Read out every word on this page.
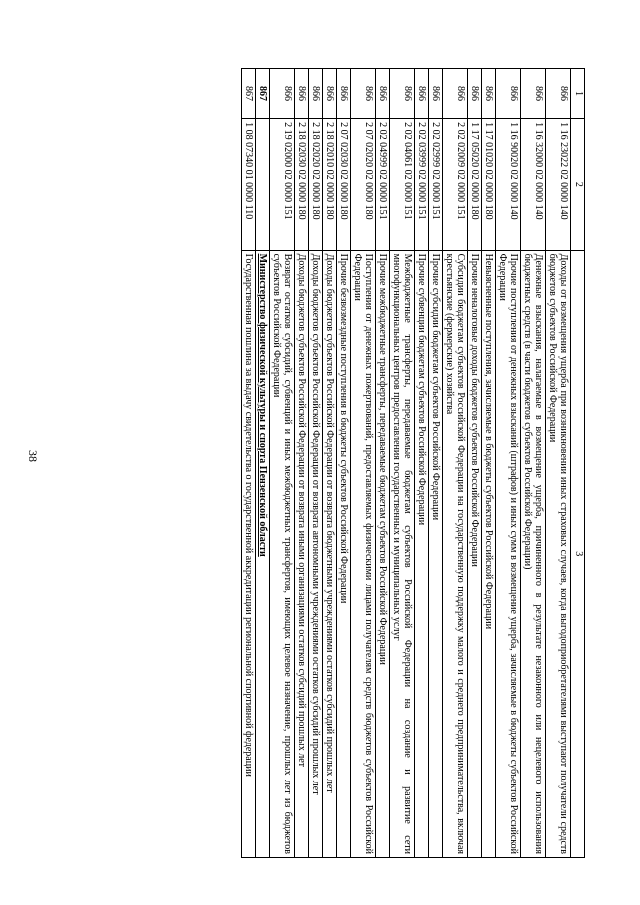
38
1	2	3
866	1 16 23022 02 0000 140	Доходы от возмещения ущерба при возникновении иных страховых случаев, когда выгодоприобретателями выступают получатели средств бюджетов субъектов Российской Федерации
866	1 16 32000 02 0000 140	Денежные взыскания, налагаемые в возмещение ущерба, причиненного в результате незаконного или нецелевого использования бюджетных средств (в части бюджетов субъектов Российской Федерации)
866	1 16 90020 02 0000 140	Прочие поступления от денежных взысканий (штрафов) и иных сумм в возмещение ущерба, зачисляемые в бюджеты субъектов Российской Федерации
866	1 17 01020 02 0000 180	Невыясненные поступления, зачисляемые в бюджеты субъектов Российской Федерации
866	1 17 05020 02 0000 180	Прочие неналоговые доходы бюджетов субъектов Российской Федерации
866	2 02 02009 02 0000 151	Субсидии бюджетам субъектов Российской Федерации на государственную поддержку малого и среднего предпринимательства, включая крестьянские (фермерские) хозяйства
866	2 02 02999 02 0000 151	Прочие субсидии бюджетам субъектов Российской Федерации
866	2 02 03999 02 0000 151	Прочие субвенции бюджетам субъектов Российской Федерации
866	2 02 04061 02 0000 151	Межбюджетные трансферты, передаваемые бюджетам субъектов Российской Федерации на создание и развитие сети многофункциональных центров предоставления государственных и муниципальных услуг
866	2 02 04999 02 0000 151	Прочие межбюджетные трансферты, передаваемые бюджетам субъектов Российской Федерации
866	2 07 02020 02 0000 180	Поступления от денежных пожертвований, предоставляемых физическими лицами получателям средств бюджетов субъектов Российской Федерации
866	2 07 02030 02 0000 180	Прочие безвозмездные поступления в бюджеты субъектов Российской Федерации
866	2 18 02010 02 0000 180	Доходы бюджетов субъектов Российской Федерации от возврата бюджетными учреждениями остатков субсидий прошлых лет
866	2 18 02020 02 0000 180	Доходы бюджетов субъектов Российской Федерации от возврата автономными учреждениями остатков субсидий прошлых лет
866	2 18 02030 02 0000 180	Доходы бюджетов субъектов Российской Федерации от возврата иными организациями остатков субсидий прошлых лет
866	2 19 02000 02 0000 151	Возврат остатков субсидий, субвенций и иных межбюджетных трансфертов, имеющих целевое назначение, прошлых лет из бюджетов субъектов Российской Федерации
867		Министерство физической культуры и спорта Пензенской области
867	1 08 07340 01 0000 110	Государственная пошлина за выдачу свидетельства о государственной аккредитации региональной спортивной федерации
